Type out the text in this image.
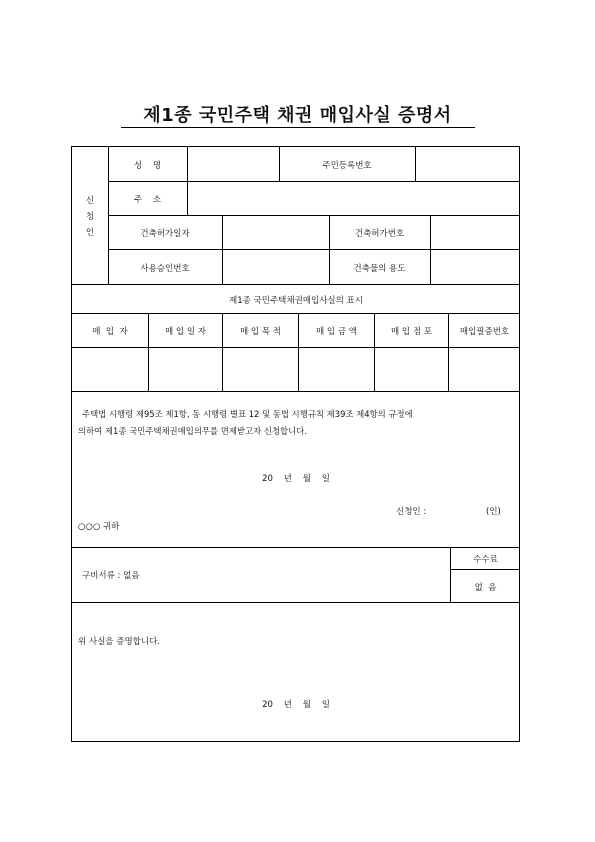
제1종 국민주택 채권 매입사실 증명서
신
청
인
성    명	주민등록번호
주    소
건축허가일자	건축허가번호
사용승인번호	건축물의 용도
제1종 국민주택채권매입사실의 표시
매  입  자	매 입 일 자	매 입 목 적	매 입 금 액	매 입 점 포	매입필증번호
주택법 시행령 제95조 제1항, 동 시행령 별표 12 및 동법 시행규칙 제39조 제4항의 규정에
의하여 제1종 국민주택채권매입의무를 면제받고자 신청합니다.
20    년    월    일
신청인 :	(인)
○○○ 귀하
구비서류 : 없음
수수료
없  음
위 사실을 증명합니다.
20    년    월    일
